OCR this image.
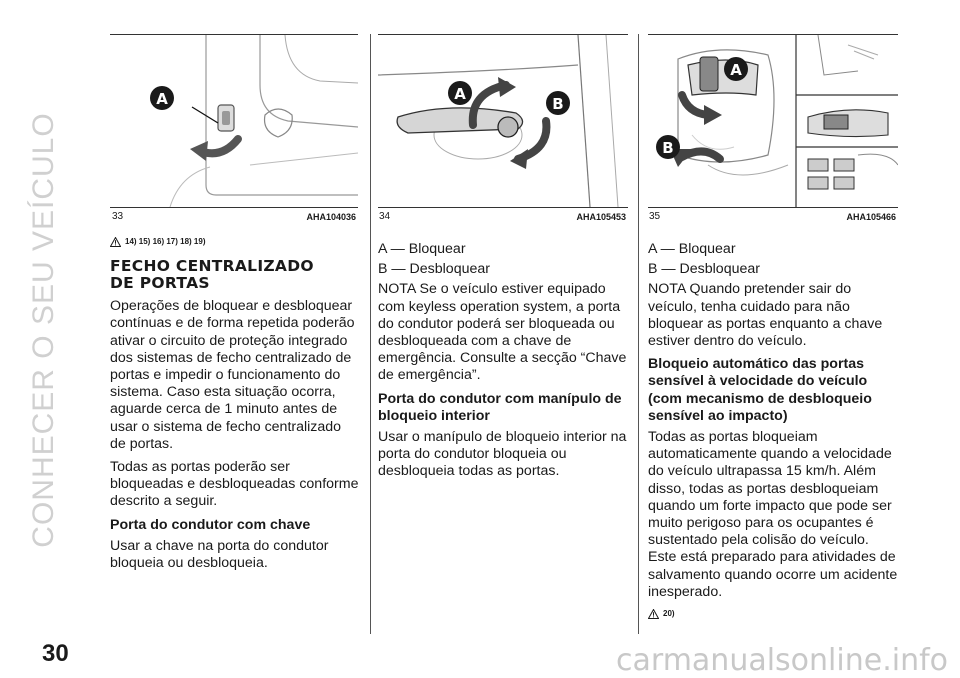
CONHECER O SEU VEÍCULO
A
33	AHA104036
A
B
34	AHA105453
A
B
35	AHA105466
14) 15) 16) 17) 18) 19)
FECHO CENTRALIZADO
DE PORTAS

Operações de bloquear e desbloquear contínuas e de forma repetida poderão ativar o circuito de proteção integrado dos sistemas de fecho centralizado de portas e impedir o funcionamento do sistema. Caso esta situação ocorra, aguarde cerca de 1 minuto antes de usar o sistema de fecho centralizado de portas.

Todas as portas poderão ser bloqueadas e desbloqueadas conforme descrito a seguir.

Porta do condutor com chave

Usar a chave na porta do condutor bloqueia ou desbloqueia.

A — Bloquear

B — Desbloquear

NOTA Se o veículo estiver equipado com keyless operation system, a porta do condutor poderá ser bloqueada ou desbloqueada com a chave de emergência. Consulte a secção “Chave de emergência”.

Porta do condutor com manípulo de bloqueio interior

Usar o manípulo de bloqueio interior na porta do condutor bloqueia ou desbloqueia todas as portas.

A — Bloquear

B — Desbloquear

NOTA Quando pretender sair do veículo, tenha cuidado para não bloquear as portas enquanto a chave estiver dentro do veículo.

Bloqueio automático das portas sensível à velocidade do veículo (com mecanismo de desbloqueio sensível ao impacto)

Todas as portas bloqueiam automaticamente quando a velocidade do veículo ultrapassa 15 km/h. Além disso, todas as portas desbloqueiam quando um forte impacto que pode ser muito perigoso para os ocupantes é sustentado pela colisão do veículo. Este está preparado para atividades de salvamento quando ocorre um acidente inesperado.

20)
30	carmanualsonline.info
